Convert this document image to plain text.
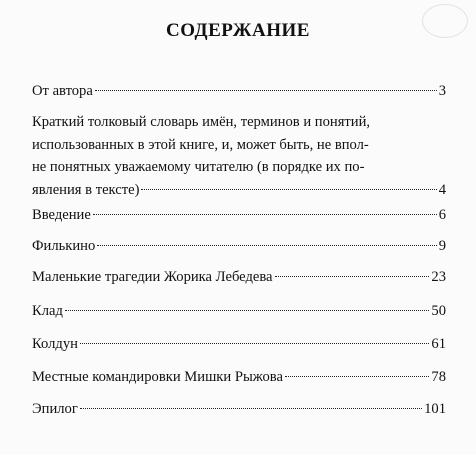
СОДЕРЖАНИЕ
От автора	3
Краткий толковый словарь имён, терминов и понятий,
использованных в этой книге, и, может быть, не впол-
не понятных уважаемому читателю (в порядке их по-
явления в тексте)	4
Введение	6
Филькино	9
Маленькие трагедии Жорика Лебедева	23
Клад	50
Колдун	61
Местные командировки Мишки Рыжова	78
Эпилог	101
